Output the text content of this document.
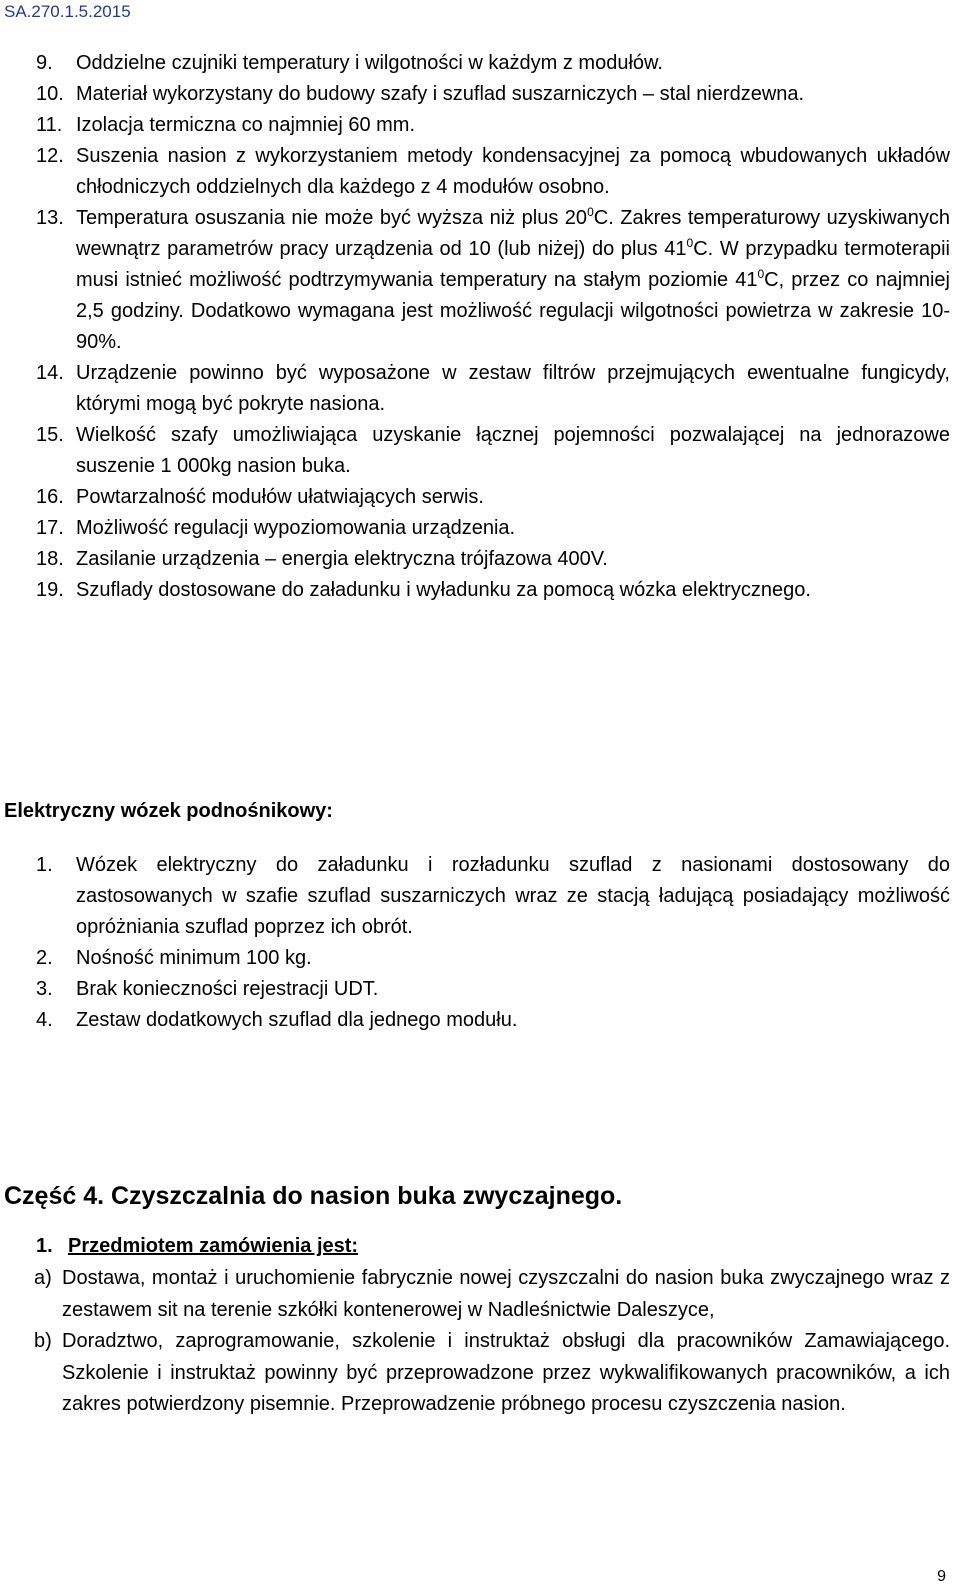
SA.270.1.5.2015
9.	Oddzielne czujniki temperatury i wilgotności w każdym z modułów.
10. Materiał wykorzystany do budowy szafy i szuflad suszarniczych – stal nierdzewna.
11. Izolacja termiczna co najmniej 60 mm.
12. Suszenia nasion z wykorzystaniem metody kondensacyjnej za pomocą wbudowanych układów chłodniczych oddzielnych dla każdego z 4 modułów osobno.
13. Temperatura osuszania nie może być wyższa niż plus $20^0C$. Zakres temperaturowy uzyskiwanych wewnątrz parametrów pracy urządzenia od 10 (lub niżej) do plus $41^0C$. W przypadku termoterapii musi istnieć możliwość podtrzymywania temperatury na stałym poziomie $41^0C$, przez co najmniej 2,5 godziny. Dodatkowo wymagana jest możliwość regulacji wilgotności powietrza w zakresie 10-90%.
14. Urządzenie powinno być wyposażone w zestaw filtrów przejmujących ewentualne fungicydy, którymi mogą być pokryte nasiona.
15. Wielkość szafy umożliwiająca uzyskanie łącznej pojemności pozwalającej na jednorazowe suszenie 1 000kg nasion buka.
16. Powtarzalność modułów ułatwiających serwis.
17. Możliwość regulacji wypoziomowania urządzenia.
18. Zasilanie urządzenia – energia elektryczna trójfazowa 400V.
19. Szuflady dostosowane do załadunku i wyładunku za pomocą wózka elektrycznego.
Elektryczny wózek podnośnikowy:
1.	Wózek elektryczny do załadunku i rozładunku szuflad z nasionami dostosowany do zastosowanych w szafie szuflad suszarniczych wraz ze stacją ładującą posiadający możliwość opróżniania szuflad poprzez ich obrót.
2.	Nośność minimum 100 kg.
3.	Brak konieczności rejestracji UDT.
4.	Zestaw dodatkowych szuflad dla jednego modułu.
Część 4. Czyszczalnia do nasion buka zwyczajnego.
1. Przedmiotem zamówienia jest:
a) Dostawa, montaż i uruchomienie fabrycznie nowej czyszczalni do nasion buka zwyczajnego wraz z zestawem sit na terenie szkółki kontenerowej w Nadleśnictwie Daleszyce,
b) Doradztwo, zaprogramowanie, szkolenie i instruktaż obsługi dla pracowników Zamawiającego. Szkolenie i instruktaż powinny być przeprowadzone przez wykwalifikowanych pracowników, a ich zakres potwierdzony pisemnie. Przeprowadzenie próbnego procesu czyszczenia nasion.
9
